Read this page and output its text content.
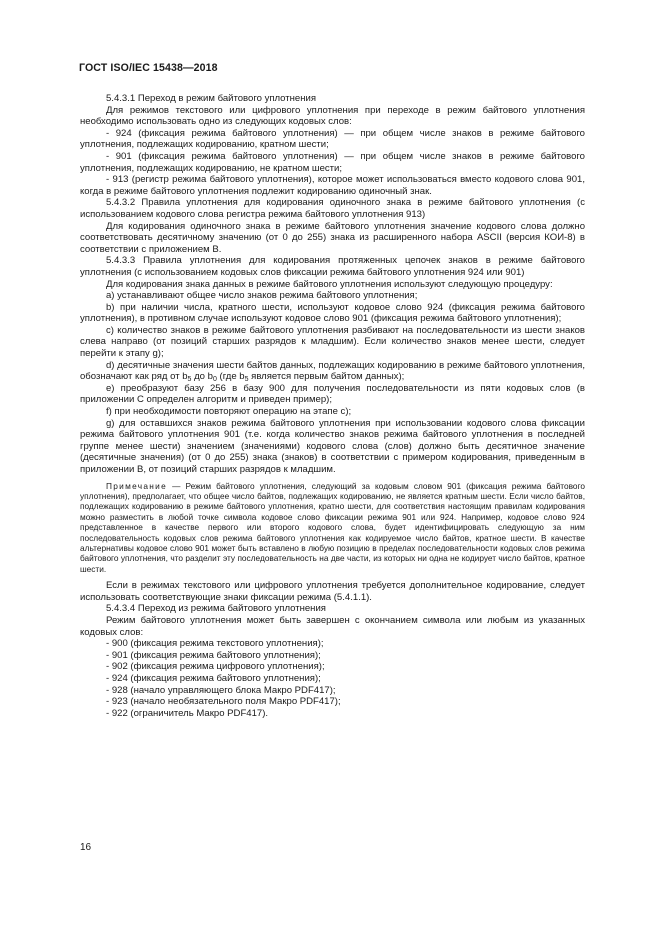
ГОСТ ISO/IEC 15438—2018

5.4.3.1 Переход в режим байтового уплотнения

Для режимов текстового или цифрового уплотнения при переходе в режим байтового уплотнения необходимо использовать одно из следующих кодовых слов:

- 924 (фиксация режима байтового уплотнения) — при общем числе знаков в режиме байтового уплотнения, подлежащих кодированию, кратном шести;

- 901 (фиксация режима байтового уплотнения) — при общем числе знаков в режиме байтового уплотнения, подлежащих кодированию, не кратном шести;

- 913 (регистр режима байтового уплотнения), которое может использоваться вместо кодового слова 901, когда в режиме байтового уплотнения подлежит кодированию одиночный знак.

5.4.3.2 Правила уплотнения для кодирования одиночного знака в режиме байтового уплотнения (с использованием кодового слова регистра режима байтового уплотнения 913)

Для кодирования одиночного знака в режиме байтового уплотнения значение кодового слова должно соответствовать десятичному значению (от 0 до 255) знака из расширенного набора ASCII (версия КОИ-8) в соответствии с приложением В.

5.4.3.3 Правила уплотнения для кодирования протяженных цепочек знаков в режиме байтового уплотнения (с использованием кодовых слов фиксации режима байтового уплотнения 924 или 901)

Для кодирования знака данных в режиме байтового уплотнения используют следующую процедуру:

a) устанавливают общее число знаков режима байтового уплотнения;

b) при наличии числа, кратного шести, используют кодовое слово 924 (фиксация режима байтового уплотнения), в противном случае используют кодовое слово 901 (фиксация режима байтового уплотнения);

c) количество знаков в режиме байтового уплотнения разбивают на последовательности из шести знаков слева направо (от позиций старших разрядов к младшим). Если количество знаков менее шести, следует перейти к этапу g);

d) десятичные значения шести байтов данных, подлежащих кодированию в режиме байтового уплотнения, обозначают как ряд от $b_5$ до $b_0$ (где $b_5$ является первым байтом данных);

e) преобразуют базу 256 в базу 900 для получения последовательности из пяти кодовых слов (в приложении С определен алгоритм и приведен пример);

f) при необходимости повторяют операцию на этапе c);

g) для оставшихся знаков режима байтового уплотнения при использовании кодового слова фиксации режима байтового уплотнения 901 (т.е. когда количество знаков режима байтового уплотнения в последней группе менее шести) значением (значениями) кодового слова (слов) должно быть десятичное значение (десятичные значения) (от 0 до 255) знака (знаков) в соответствии с примером кодирования, приведенным в приложении В, от позиций старших разрядов к младшим.

Примечание — Режим байтового уплотнения, следующий за кодовым словом 901 (фиксация режима байтового уплотнения), предполагает, что общее число байтов, подлежащих кодированию, не является кратным шести. Если число байтов, подлежащих кодированию в режиме байтового уплотнения, кратно шести, для соответствия настоящим правилам кодирования можно разместить в любой точке символа кодовое слово фиксации режима 901 или 924. Например, кодовое слово 924 представленное в качестве первого или второго кодового слова, будет идентифицировать следующую за ним последовательность кодовых слов режима байтового уплотнения как кодируемое число байтов, кратное шести. В качестве альтернативы кодовое слово 901 может быть вставлено в любую позицию в пределах последовательности кодовых слов режима байтового уплотнения, что разделит эту последовательность на две части, из которых ни одна не кодирует число байтов, кратное шести.

Если в режимах текстового или цифрового уплотнения требуется дополнительное кодирование, следует использовать соответствующие знаки фиксации режима (5.4.1.1).

5.4.3.4 Переход из режима байтового уплотнения

Режим байтового уплотнения может быть завершен с окончанием символа или любым из указанных кодовых слов:

- 900 (фиксация режима текстового уплотнения);

- 901 (фиксация режима байтового уплотнения);

- 902 (фиксация режима цифрового уплотнения);

- 924 (фиксация режима байтового уплотнения);

- 928 (начало управляющего блока Макро PDF417);

- 923 (начало необязательного поля Макро PDF417);

- 922 (ограничитель Макро PDF417).

16
